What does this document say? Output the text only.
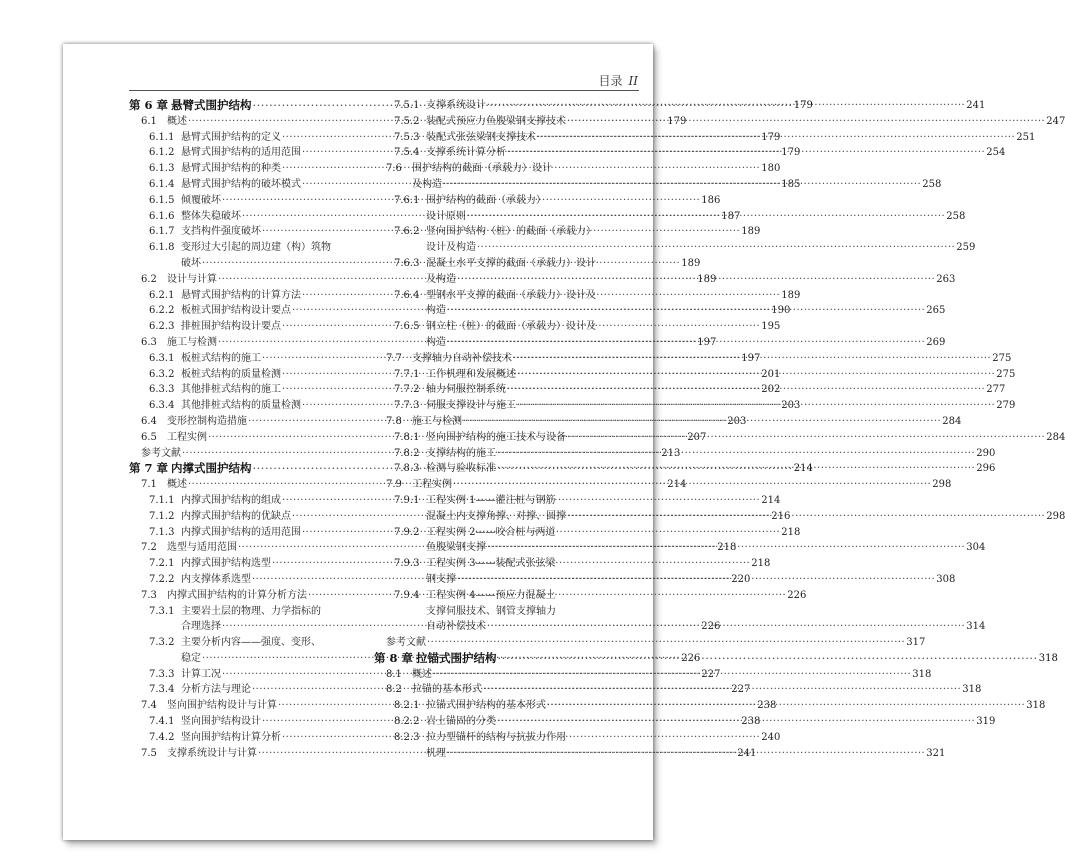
目录 II
第 6 章 悬臂式围护结构 ·····	179
6.1	概述 ·····	179
6.1.1 悬臂式围护结构的定义 ·····	179
6.1.2 悬臂式围护结构的适用范围 ·····	179
6.1.3 悬臂式围护结构的种类 ·····	180
6.1.4 悬臂式围护结构的破坏模式 ·····	185
6.1.5 倾覆破坏 ·····	186
6.1.6 整体失稳破坏 ·····	187
6.1.7 支挡构件强度破坏 ·····	189
6.1.8 变形过大引起的周边建（构）筑物
破坏 ·····	189
6.2	设计与计算 ·····	189
6.2.1 悬臂式围护结构的计算方法 ·····	189
6.2.2 板桩式围护结构设计要点 ·····	190
6.2.3 排桩围护结构设计要点 ·····	195
6.3	施工与检测 ·····	197
6.3.1 板桩式结构的施工 ·····	197
6.3.2 板桩式结构的质量检测 ·····	201
6.3.3 其他排桩式结构的施工 ·····	202
6.3.4 其他排桩式结构的质量检测 ·····	203
6.4	变形控制构造措施 ·····	203
6.5	工程实例 ·····	207
参考文献 ·····	213
第 7 章 内撑式围护结构 ·····	214
7.1	概述 ·····	214
7.1.1 内撑式围护结构的组成 ·····	214
7.1.2 内撑式围护结构的优缺点 ·····	216
7.1.3 内撑式围护结构的适用范围 ·····	218
7.2	选型与适用范围 ·····	218
7.2.1 内撑式围护结构选型 ·····	218
7.2.2 内支撑体系选型 ·····	220
7.3	内撑式围护结构的计算分析方法 ·····	226
7.3.1 主要岩土层的物理、力学指标的
合理选择 ·····	226
7.3.2 主要分析内容——强度、变形、
稳定 ·····	226
7.3.3 计算工况 ·····	227
7.3.4 分析方法与理论 ·····	227
7.4	竖向围护结构设计与计算 ·····	238
7.4.1 竖向围护结构设计 ·····	238
7.4.2 竖向围护结构计算分析 ·····	240
7.5	支撑系统设计与计算 ·····	241
7.5.1 支撑系统设计 ·····	241
7.5.2 装配式预应力鱼腹梁钢支撑技术 ·····	247
7.5.3 装配式张弦梁钢支撑技术 ·····	251
7.5.4 支撑系统计算分析 ·····	254
7.6	围护结构的截面（承载力）设计
及构造 ·····	258
7.6.1 围护结构的截面（承载力）
设计原则 ·····	258
7.6.2 竖向围护结构（桩）的截面（承载力）
设计及构造 ·····	259
7.6.3 混凝土水平支撑的截面（承载力）设计
及构造 ·····	263
7.6.4 型钢水平支撑的截面（承载力）设计及
构造 ·····	265
7.6.5 钢立柱（桩）的截面（承载力）设计及
构造 ·····	269
7.7	支撑轴力自动补偿技术 ·····	275
7.7.1 工作机理和发展概述 ·····	275
7.7.2 轴力伺服控制系统 ·····	277
7.7.3 伺服支撑设计与施工 ·····	279
7.8	施工与检测 ·····	284
7.8.1 竖向围护结构的施工技术与设备 ·····	284
7.8.2 支撑结构的施工 ·····	290
7.8.3 检测与验收标准 ·····	296
7.9	工程实例 ·····	298
7.9.1 工程实例 1——灌注桩与钢筋
混凝土内支撑角撑、对撑、圆撑 ·····	298
7.9.2 工程实例 2——咬合桩与两道
鱼腹梁钢支撑 ·····	304
7.9.3 工程实例 3——装配式张弦梁
钢支撑 ·····	308
7.9.4 工程实例 4——预应力混凝土
支撑伺服技术、钢管支撑轴力
自动补偿技术 ·····	314
参考文献 ·····	317
第 8 章 拉锚式围护结构 ·····	318
8.1	概述 ·····	318
8.2	拉锚的基本形式 ·····	318
8.2.1 拉锚式围护结构的基本形式 ·····	318
8.2.2 岩土锚固的分类 ·····	319
8.2.3 拉力型锚杆的结构与抗拔力作用
机理 ·····	321
